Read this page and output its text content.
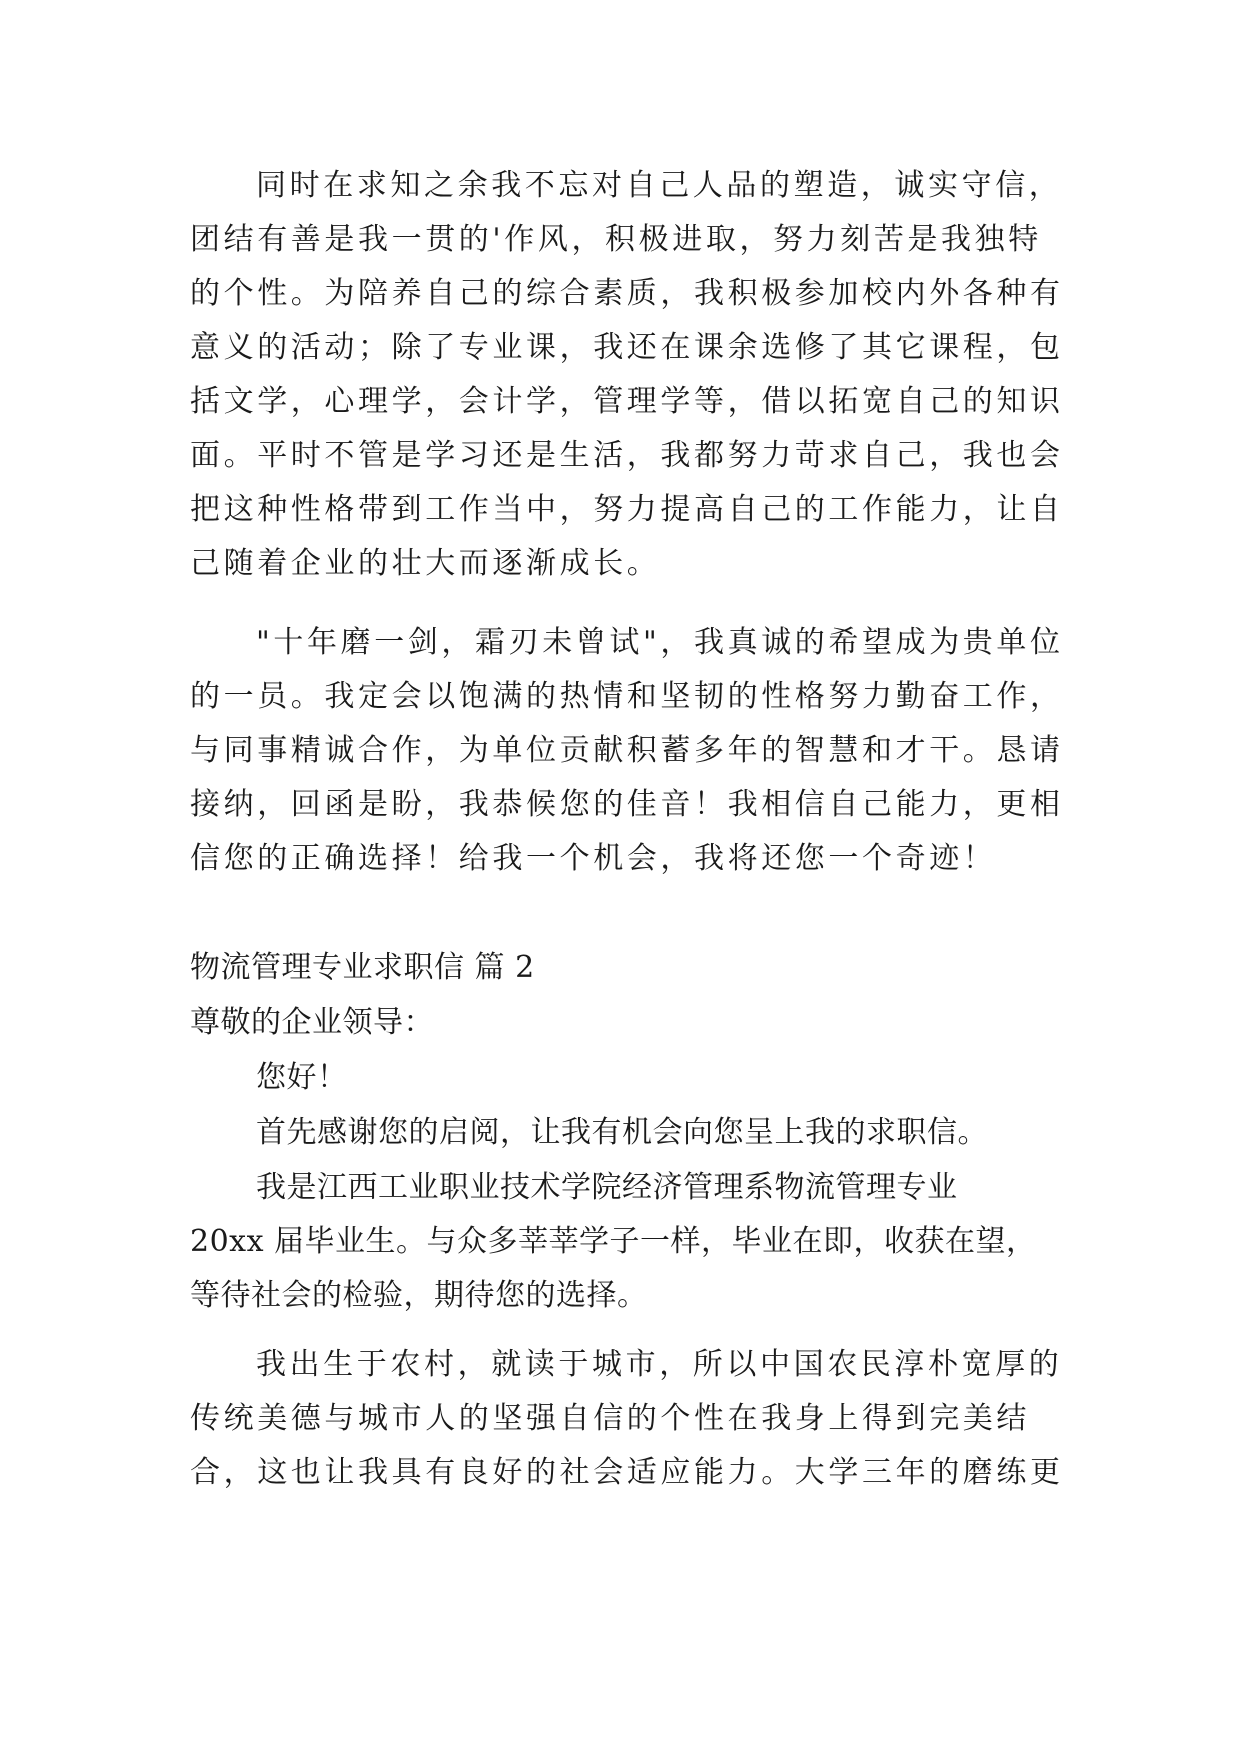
同时在求知之余我不忘对自己人品的塑造，诚实守信，
团结有善是我一贯的'作风，积极进取，努力刻苦是我独特
的个性。为陪养自己的综合素质，我积极参加校内外各种有
意义的活动；除了专业课，我还在课余选修了其它课程，包
括文学，心理学，会计学，管理学等，借以拓宽自己的知识
面。平时不管是学习还是生活，我都努力苛求自己，我也会
把这种性格带到工作当中，努力提高自己的工作能力，让自
己随着企业的壮大而逐渐成长。
"十年磨一剑，霜刃未曾试"，我真诚的希望成为贵单位
的一员。我定会以饱满的热情和坚韧的性格努力勤奋工作，
与同事精诚合作，为单位贡献积蓄多年的智慧和才干。恳请
接纳，回函是盼，我恭候您的佳音！我相信自己能力，更相
信您的正确选择！给我一个机会，我将还您一个奇迹！
物流管理专业求职信 篇 2
尊敬的企业领导：
您好！
首先感谢您的启阅，让我有机会向您呈上我的求职信。
我是江西工业职业技术学院经济管理系物流管理专业
20xx 届毕业生。与众多莘莘学子一样，毕业在即，收获在望，
等待社会的检验，期待您的选择。
我出生于农村，就读于城市，所以中国农民淳朴宽厚的
传统美德与城市人的坚强自信的个性在我身上得到完美结
合，这也让我具有良好的社会适应能力。大学三年的磨练更
